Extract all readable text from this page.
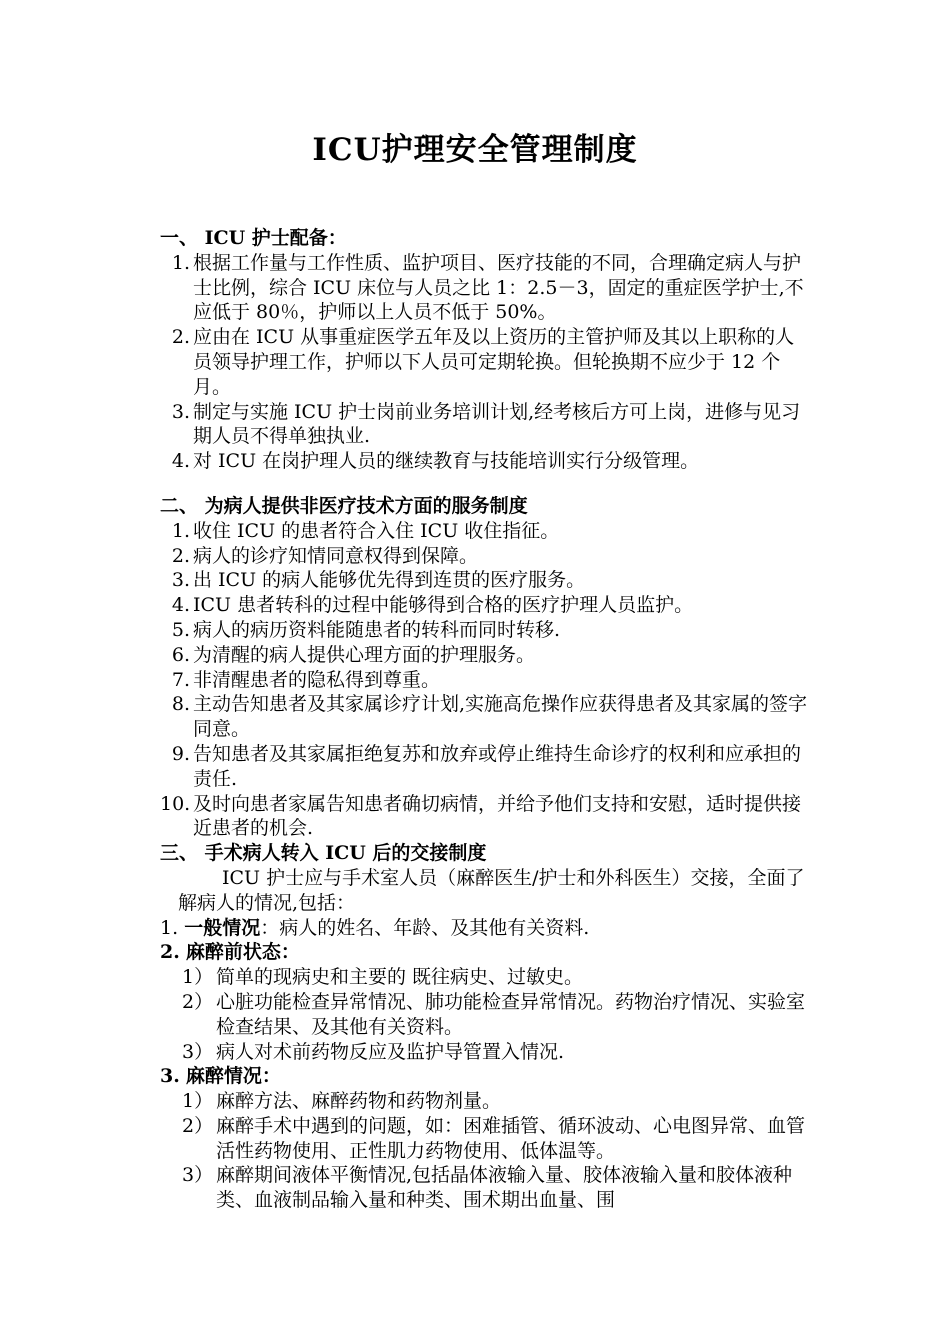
ICU护理安全管理制度

一、 ICU 护士配备：

1. 根据工作量与工作性质、监护项目、医疗技能的不同，合理确定病人与护士比例，综合 ICU 床位与人员之比 1：2.5－3，固定的重症医学护士,不应低于 80％，护师以上人员不低于 50%。
2. 应由在 ICU 从事重症医学五年及以上资历的主管护师及其以上职称的人员领导护理工作，护师以下人员可定期轮换。但轮换期不应少于 12 个月。
3. 制定与实施 ICU 护士岗前业务培训计划,经考核后方可上岗，进修与见习期人员不得单独执业.
4. 对 ICU 在岗护理人员的继续教育与技能培训实行分级管理。

二、 为病人提供非医疗技术方面的服务制度

1. 收住 ICU 的患者符合入住 ICU 收住指征。
2. 病人的诊疗知情同意权得到保障。
3. 出 ICU 的病人能够优先得到连贯的医疗服务。
4. ICU 患者转科的过程中能够得到合格的医疗护理人员监护。
5. 病人的病历资料能随患者的转科而同时转移.
6. 为清醒的病人提供心理方面的护理服务。
7. 非清醒患者的隐私得到尊重。
8. 主动告知患者及其家属诊疗计划,实施高危操作应获得患者及其家属的签字同意。
9. 告知患者及其家属拒绝复苏和放弃或停止维持生命诊疗的权利和应承担的责任.
10. 及时向患者家属告知患者确切病情，并给予他们支持和安慰，适时提供接近患者的机会.

三、 手术病人转入 ICU 后的交接制度

ICU 护士应与手术室人员（麻醉医生/护士和外科医生）交接，全面了解病人的情况,包括：

1. 一般情况：病人的姓名、年龄、及其他有关资料.

2. 麻醉前状态：

1） 简单的现病史和主要的 既往病史、过敏史。
2） 心脏功能检查异常情况、肺功能检查异常情况。药物治疗情况、实验室检查结果、及其他有关资料。
3） 病人对术前药物反应及监护导管置入情况.

3. 麻醉情况：

1） 麻醉方法、麻醉药物和药物剂量。
2） 麻醉手术中遇到的问题，如：困难插管、循环波动、心电图异常、血管活性药物使用、正性肌力药物使用、低体温等。
3） 麻醉期间液体平衡情况,包括晶体液输入量、胶体液输入量和胶体液种类、血液制品输入量和种类、围术期出血量、围
